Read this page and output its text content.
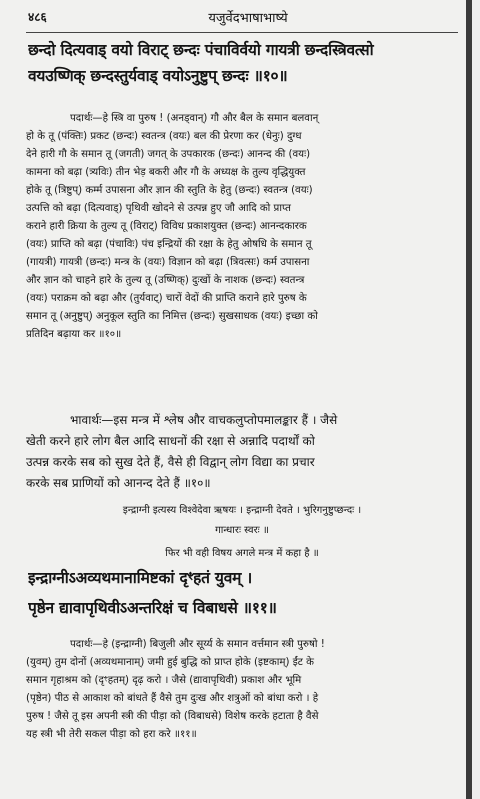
४८६	यजुर्वेदभाषाभाष्ये
छन्दाे दित्यवाड् वयो विराट् छन्दः पंचाविर्वयो गायत्री छन्दस्त्रिवत्सो
वयउष्णिक् छन्दस्तुर्यवाड् वयोऽनुष्टुप् छन्दः ॥१०॥

पदार्थः—हे स्त्रि वा पुरुष ! (अनड्वान्) गौ और बैल के समान बलवान्

हो के तू (पंक्तिः) प्रकट (छन्दः) स्वतन्त्र (वयः) बल की प्रेरणा कर (धेनुः) दुग्ध

देने हारी गौ के समान तू (जगती) जगत् के उपकारक (छन्दः) आनन्द की (वयः)

कामना को बढ़ा (त्र्यविः) तीन भेड़ बकरी और गौ के अध्यक्ष के तुल्य वृद्धियुक्त

होके तू (त्रिष्टुप्) कर्म्म उपासना और ज्ञान की स्तुति के हेतु (छन्दः) स्वतन्त्र (वयः)

उत्पत्ति को बढ़ा (दित्यवाड्) पृथिवी खोदने से उत्पन्न हुए जौ आदि को प्राप्त

कराने हारी क्रिया के तुल्य तू (विराट्) विविध प्रकाशयुक्त (छन्दः) आनन्दकारक

(वयः) प्राप्ति को बढ़ा (पंचाविः) पंच इन्द्रियों की रक्षा के हेतु ओषधि के समान तू

(गायत्री) गायत्री (छन्दः) मन्त्र के (वयः) विज्ञान को बढ़ा (त्रिवत्सः) कर्म उपासना

और ज्ञान को चाहने हारे के तुल्य तू (उष्णिक्) दुःखों के नाशक (छन्दः) स्वतन्त्र

(वयः) पराक्रम को बढ़ा और (तुर्यवाट्) चारों वेदों की प्राप्ति कराने हारे पुरुष के

समान तू (अनुष्टुप्) अनुकूल स्तुति का निमित्त (छन्दः) सुखसाधक (वयः) इच्छा को

प्रतिदिन बढ़ाया कर ॥१०॥

भावार्थः—इस मन्त्र में श्लेष और वाचकलुप्तोपमालङ्कार हैं । जैसे

खेती करने हारे लोग बैल आदि साधनों की रक्षा से अन्नादि पदार्थों को

उत्पन्न करके सब को सुख देते हैं, वैसे ही विद्वान् लोग विद्या का प्रचार

करके सब प्राणियों को आनन्द देते हैं ॥१०॥

इन्द्राग्नी इत्यस्य विश्वेदेवा ऋषयः । इन्द्राग्नी देवते । भुरिगनुष्टुप्छन्दः ।
गान्धारः स्वरः ॥
फिर भी वही विषय अगले मन्त्र में कहा है ॥
इन्द्राग्नीऽअव्यथमानामिष्टकां दृꣳहतं युवम् ।
पृष्ठेन द्यावापृथिवीऽअन्तरिक्षं च विबाधसे ॥११॥

पदार्थः—हे (इन्द्राग्नी) बिजुली और सूर्य्य के समान वर्त्तमान स्त्री पुरुषो !

(युवम्) तुम दोनों (अव्यथमानाम्) जमी हुई बुद्धि को प्राप्त होके (इष्टकाम्) ईंट के

समान गृहाश्रम को (दृꣳहतम्) दृढ़ करो । जैसे (द्यावापृथिवी) प्रकाश और भूमि

(पृष्ठेन) पीठ से आकाश को बांधते हैं वैसे तुम दुःख और शत्रुओं को बांधा करो । हे

पुरुष ! जैसे तू इस अपनी स्त्री की पीड़ा को (विबाधसे) विशेष करके हटाता है वैसे

यह स्त्री भी तेरी सकल पीड़ा को हरा करे ॥११॥
